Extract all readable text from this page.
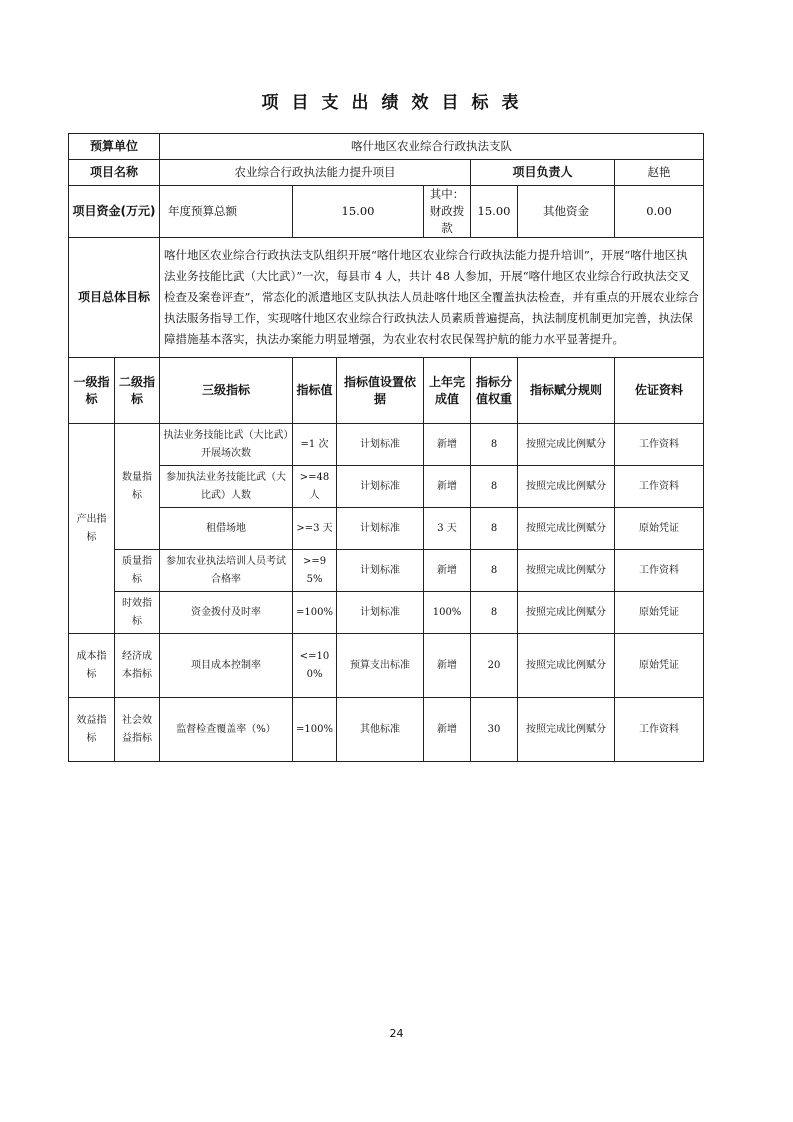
项目支出绩效目标表
预算单位		喀什地区农业综合行政执法支队						
项目名称		农业综合行政执法能力提升项目				项目负责人		赵艳
项目资金(万元)		年度预算总额	15.00		其中：财政拨款	15.00	其他资金	0.00
项目总体目标		喀什地区农业综合行政执法支队组织开展“喀什地区农业综合行政执法能力提升培训”，开展“喀什地区执法业务技能比武（大比武）”一次，每县市 4 人，共计 48 人参加，开展“喀什地区农业综合行政执法交叉检查及案卷评查”，常态化的派遣地区支队执法人员赴喀什地区全覆盖执法检查，并有重点的开展农业综合执法服务指导工作，实现喀什地区农业综合行政执法人员素质普遍提高，执法制度机制更加完善，执法保障措施基本落实，执法办案能力明显增强，为农业农村农民保驾护航的能力水平显著提升。						
一级指标	二级指标	三级指标	指标值	指标值设置依据	上年完成值	指标分值权重	指标赋分规则	佐证资料
产出指标	数量指标	执法业务技能比武（大比武）开展场次数	=1 次	计划标准	新增	8	按照完成比例赋分	工作资料
		参加执法业务技能比武（大比武）人数	>=48 人	计划标准	新增	8	按照完成比例赋分	工作资料
		租借场地	>=3 天	计划标准	3 天	8	按照完成比例赋分	原始凭证
	质量指标	参加农业执法培训人员考试合格率	>=95%	计划标准	新增	8	按照完成比例赋分	工作资料
	时效指标	资金拨付及时率	=100%	计划标准	100%	8	按照完成比例赋分	原始凭证
成本指标	经济成本指标	项目成本控制率	<=100%	预算支出标准	新增	20	按照完成比例赋分	原始凭证
效益指标	社会效益指标	监督检查覆盖率（%）	=100%	其他标准	新增	30	按照完成比例赋分	工作资料
24
